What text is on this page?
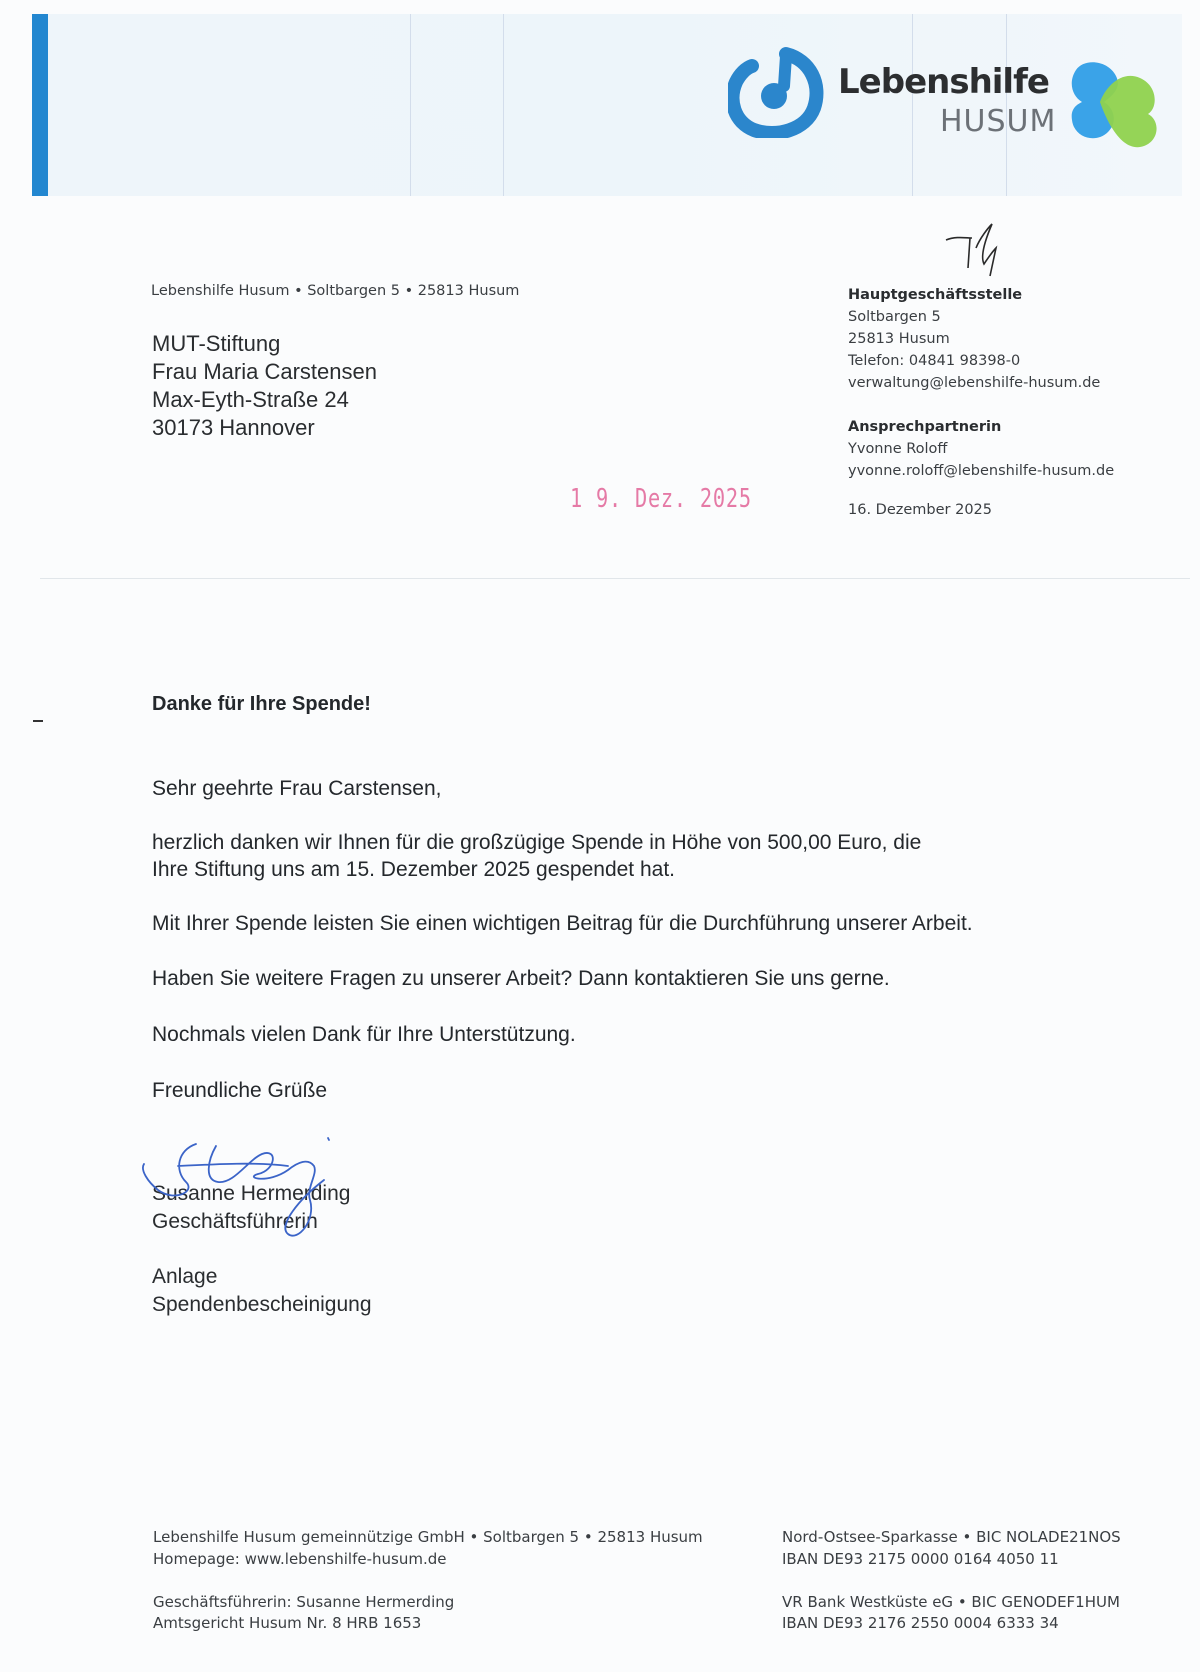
Lebenshilfe
HUSUM
Lebenshilfe Husum • Soltbargen 5 • 25813 Husum
MUT-Stiftung
Frau Maria Carstensen
Max-Eyth-Straße 24
30173 Hannover
Hauptgeschäftsstelle
Soltbargen 5
25813 Husum
Telefon: 04841 98398-0
verwaltung@lebenshilfe-husum.de
Ansprechpartnerin
Yvonne Roloff
yvonne.roloff@lebenshilfe-husum.de
16. Dezember 2025
1 9. Dez. 2025
Danke für Ihre Spende!
Sehr geehrte Frau Carstensen,
herzlich danken wir Ihnen für die großzügige Spende in Höhe von 500,00 Euro, die
Ihre Stiftung uns am 15. Dezember 2025 gespendet hat.
Mit Ihrer Spende leisten Sie einen wichtigen Beitrag für die Durchführung unserer Arbeit.
Haben Sie weitere Fragen zu unserer Arbeit? Dann kontaktieren Sie uns gerne.
Nochmals vielen Dank für Ihre Unterstützung.
Freundliche Grüße
Susanne Hermerding
Geschäftsführerin
Anlage
Spendenbescheinigung
Lebenshilfe Husum gemeinnützige GmbH • Soltbargen 5 • 25813 Husum
Homepage: www.lebenshilfe-husum.de
Geschäftsführerin: Susanne Hermerding
Amtsgericht Husum Nr. 8 HRB 1653
Nord-Ostsee-Sparkasse • BIC NOLADE21NOS
IBAN DE93 2175 0000 0164 4050 11
VR Bank Westküste eG • BIC GENODEF1HUM
IBAN DE93 2176 2550 0004 6333 34
